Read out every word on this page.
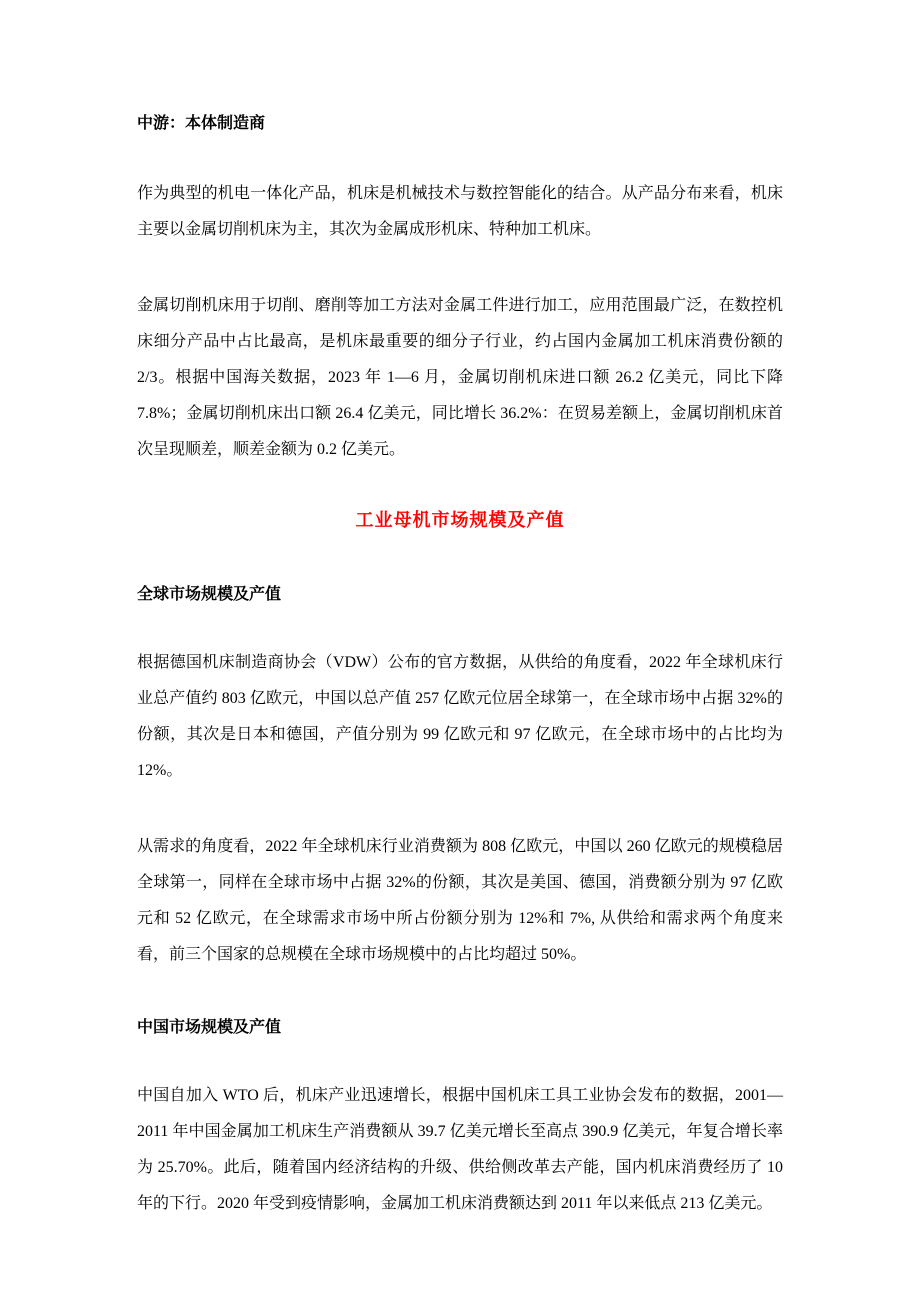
中游：本体制造商

作为典型的机电一体化产品，机床是机械技术与数控智能化的结合。从产品分布来看，机床主要以金属切削机床为主，其次为金属成形机床、特种加工机床。

金属切削机床用于切削、磨削等加工方法对金属工件进行加工，应用范围最广泛，在数控机床细分产品中占比最高，是机床最重要的细分子行业，约占国内金属加工机床消费份额的 2/3。根据中国海关数据，2023 年 1—6 月，金属切削机床进口额 26.2 亿美元，同比下降 7.8%；金属切削机床出口额 26.4 亿美元，同比增长 36.2%：在贸易差额上，金属切削机床首次呈现顺差，顺差金额为 0.2 亿美元。

工业母机市场规模及产值
全球市场规模及产值

根据德国机床制造商协会（VDW）公布的官方数据，从供给的角度看，2022 年全球机床行业总产值约 803 亿欧元，中国以总产值 257 亿欧元位居全球第一，在全球市场中占据 32%的份额，其次是日本和德国，产值分别为 99 亿欧元和 97 亿欧元，在全球市场中的占比均为 12%。

从需求的角度看，2022 年全球机床行业消费额为 808 亿欧元，中国以 260 亿欧元的规模稳居全球第一，同样在全球市场中占据 32%的份额，其次是美国、德国，消费额分别为 97 亿欧元和 52 亿欧元，在全球需求市场中所占份额分别为 12%和 7%, 从供给和需求两个角度来看，前三个国家的总规模在全球市场规模中的占比均超过 50%。

中国市场规模及产值

中国自加入 WTO 后，机床产业迅速增长，根据中国机床工具工业协会发布的数据，2001—2011 年中国金属加工机床生产消费额从 39.7 亿美元增长至高点 390.9 亿美元，年复合增长率为 25.70%。此后，随着国内经济结构的升级、供给侧改革去产能，国内机床消费经历了 10 年的下行。2020 年受到疫情影响，金属加工机床消费额达到 2011 年以来低点 213 亿美元。
